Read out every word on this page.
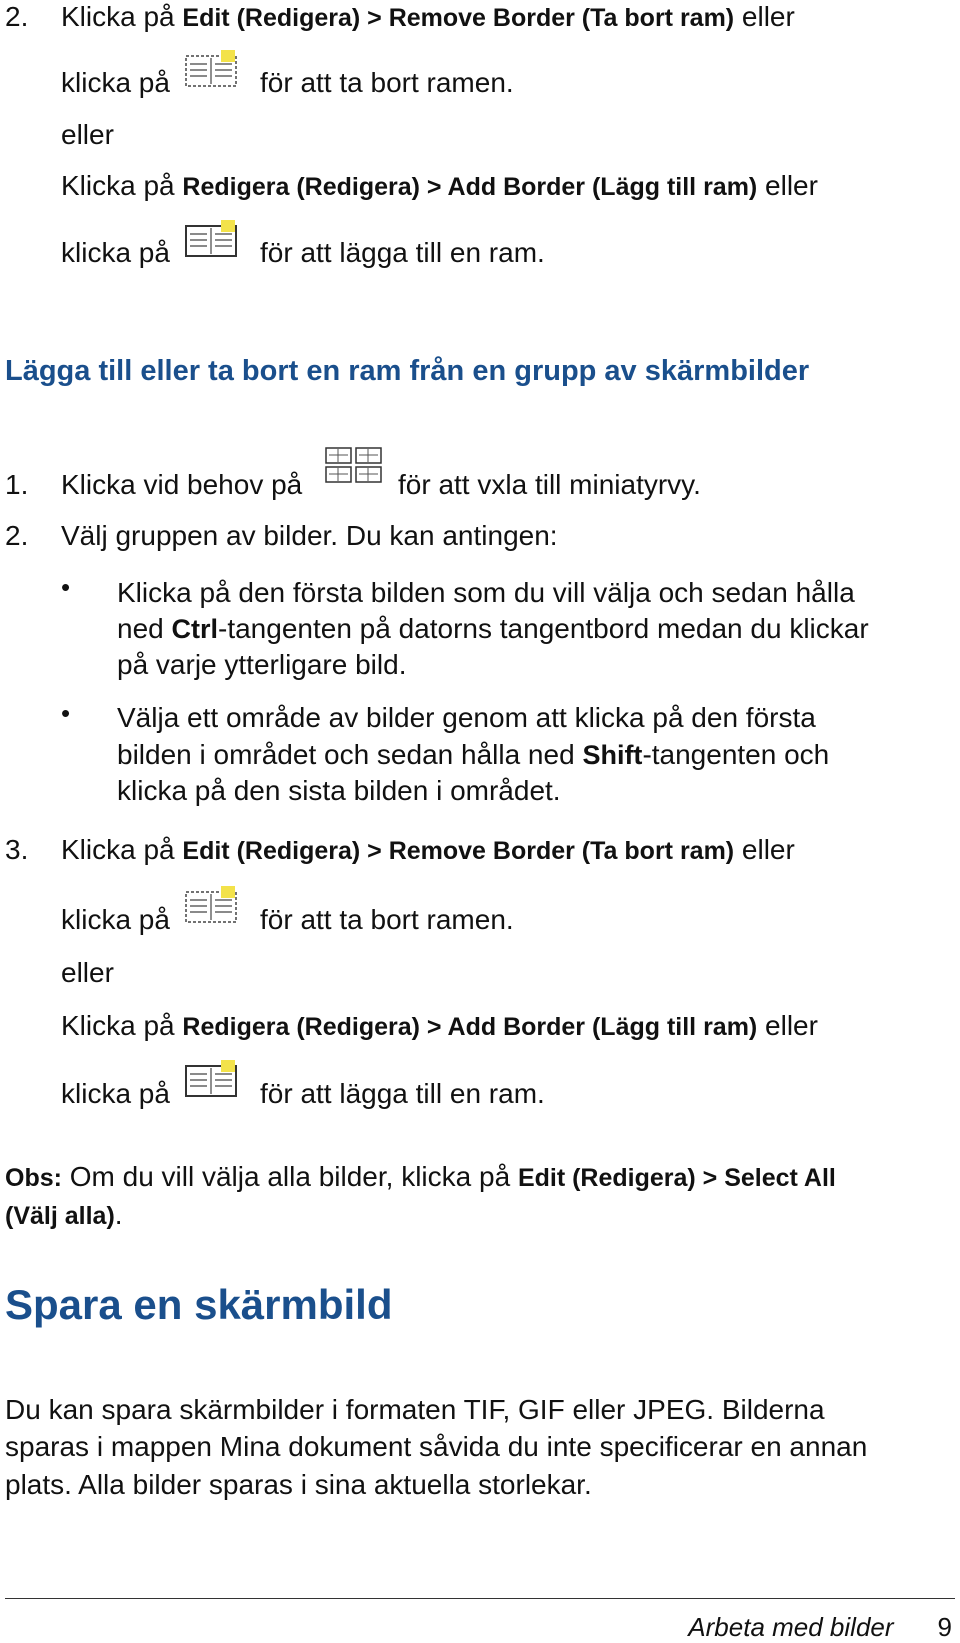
2. Klicka på Edit (Redigera) > Remove Border (Ta bort ram) eller
klicka på	för att ta bort ramen.
eller
Klicka på Redigera (Redigera) > Add Border (Lägg till ram) eller
klicka på	för att lägga till en ram.
Lägga till eller ta bort en ram från en grupp av skärmbilder
1. Klicka vid behov på	för att vxla till miniatyrvy.
2. Välj gruppen av bilder. Du kan antingen:
• Klicka på den första bilden som du vill välja och sedan hålla
ned Ctrl-tangenten på datorns tangentbord medan du klickar
på varje ytterligare bild.
• Välja ett område av bilder genom att klicka på den första
bilden i området och sedan hålla ned Shift-tangenten och
klicka på den sista bilden i området.
3. Klicka på Edit (Redigera) > Remove Border (Ta bort ram) eller
klicka på	för att ta bort ramen.
eller
Klicka på Redigera (Redigera) > Add Border (Lägg till ram) eller
klicka på	för att lägga till en ram.
Obs: Om du vill välja alla bilder, klicka på Edit (Redigera) > Select All
(Välj alla).
Spara en skärmbild
Du kan spara skärmbilder i formaten TIF, GIF eller JPEG. Bilderna
sparas i mappen Mina dokument såvida du inte specificerar en annan
plats. Alla bilder sparas i sina aktuella storlekar.
Arbeta med bilder 9
